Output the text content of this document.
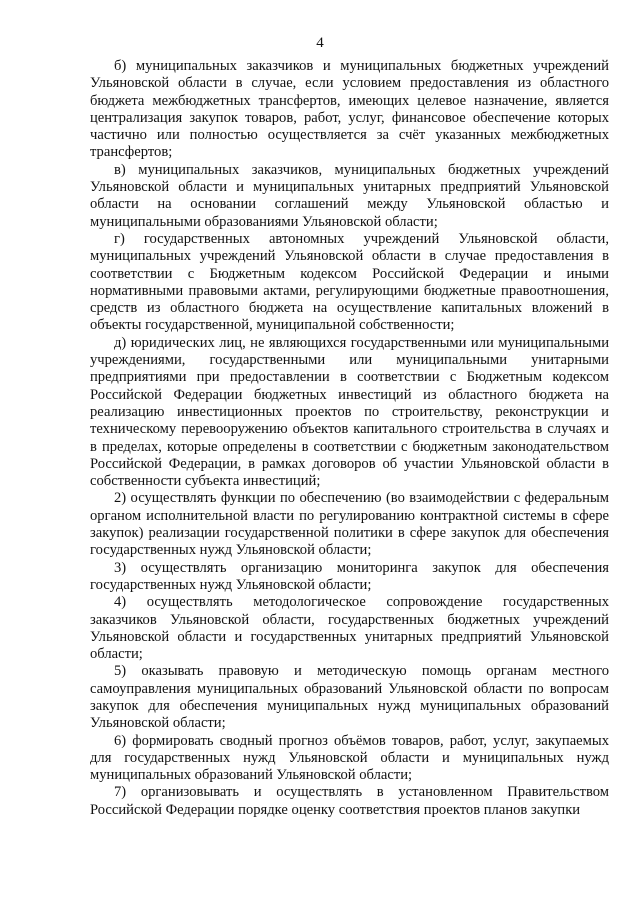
4

б) муниципальных заказчиков и муниципальных бюджетных учреждений Ульяновской области в случае, если условием предоставления из областного бюджета межбюджетных трансфертов, имеющих целевое назначение, является централизация закупок товаров, работ, услуг, финансовое обеспечение которых частично или полностью осуществляется за счёт указанных межбюджетных трансфертов;

в) муниципальных заказчиков, муниципальных бюджетных учреждений Ульяновской области и муниципальных унитарных предприятий Ульяновской области на основании соглашений между Ульяновской областью и муниципальными образованиями Ульяновской области;

г) государственных автономных учреждений Ульяновской области, муниципальных учреждений Ульяновской области в случае предоставления в соответствии с Бюджетным кодексом Российской Федерации и иными нормативными правовыми актами, регулирующими бюджетные правоотношения, средств из областного бюджета на осуществление капитальных вложений в объекты государственной, муниципальной собственности;

д) юридических лиц, не являющихся государственными или муниципальными учреждениями, государственными или муниципальными унитарными предприятиями при предоставлении в соответствии с Бюджетным кодексом Российской Федерации бюджетных инвестиций из областного бюджета на реализацию инвестиционных проектов по строительству, реконструкции и техническому перевооружению объектов капитального строительства в случаях и в пределах, которые определены в соответствии с бюджетным законодательством Российской Федерации, в рамках договоров об участии Ульяновской области в собственности субъекта инвестиций;

2) осуществлять функции по обеспечению (во взаимодействии с федеральным органом исполнительной власти по регулированию контрактной системы в сфере закупок) реализации государственной политики в сфере закупок для обеспечения государственных нужд Ульяновской области;

3) осуществлять организацию мониторинга закупок для обеспечения государственных нужд Ульяновской области;

4) осуществлять методологическое сопровождение государственных заказчиков Ульяновской области, государственных бюджетных учреждений Ульяновской области и государственных унитарных предприятий Ульяновской области;

5) оказывать правовую и методическую помощь органам местного самоуправления муниципальных образований Ульяновской области по вопросам закупок для обеспечения муниципальных нужд муниципальных образований Ульяновской области;

6) формировать сводный прогноз объёмов товаров, работ, услуг, закупаемых для государственных нужд Ульяновской области и муниципальных нужд муниципальных образований Ульяновской области;

7) организовывать и осуществлять в установленном Правительством Российской Федерации порядке оценку соответствия проектов планов закупки
